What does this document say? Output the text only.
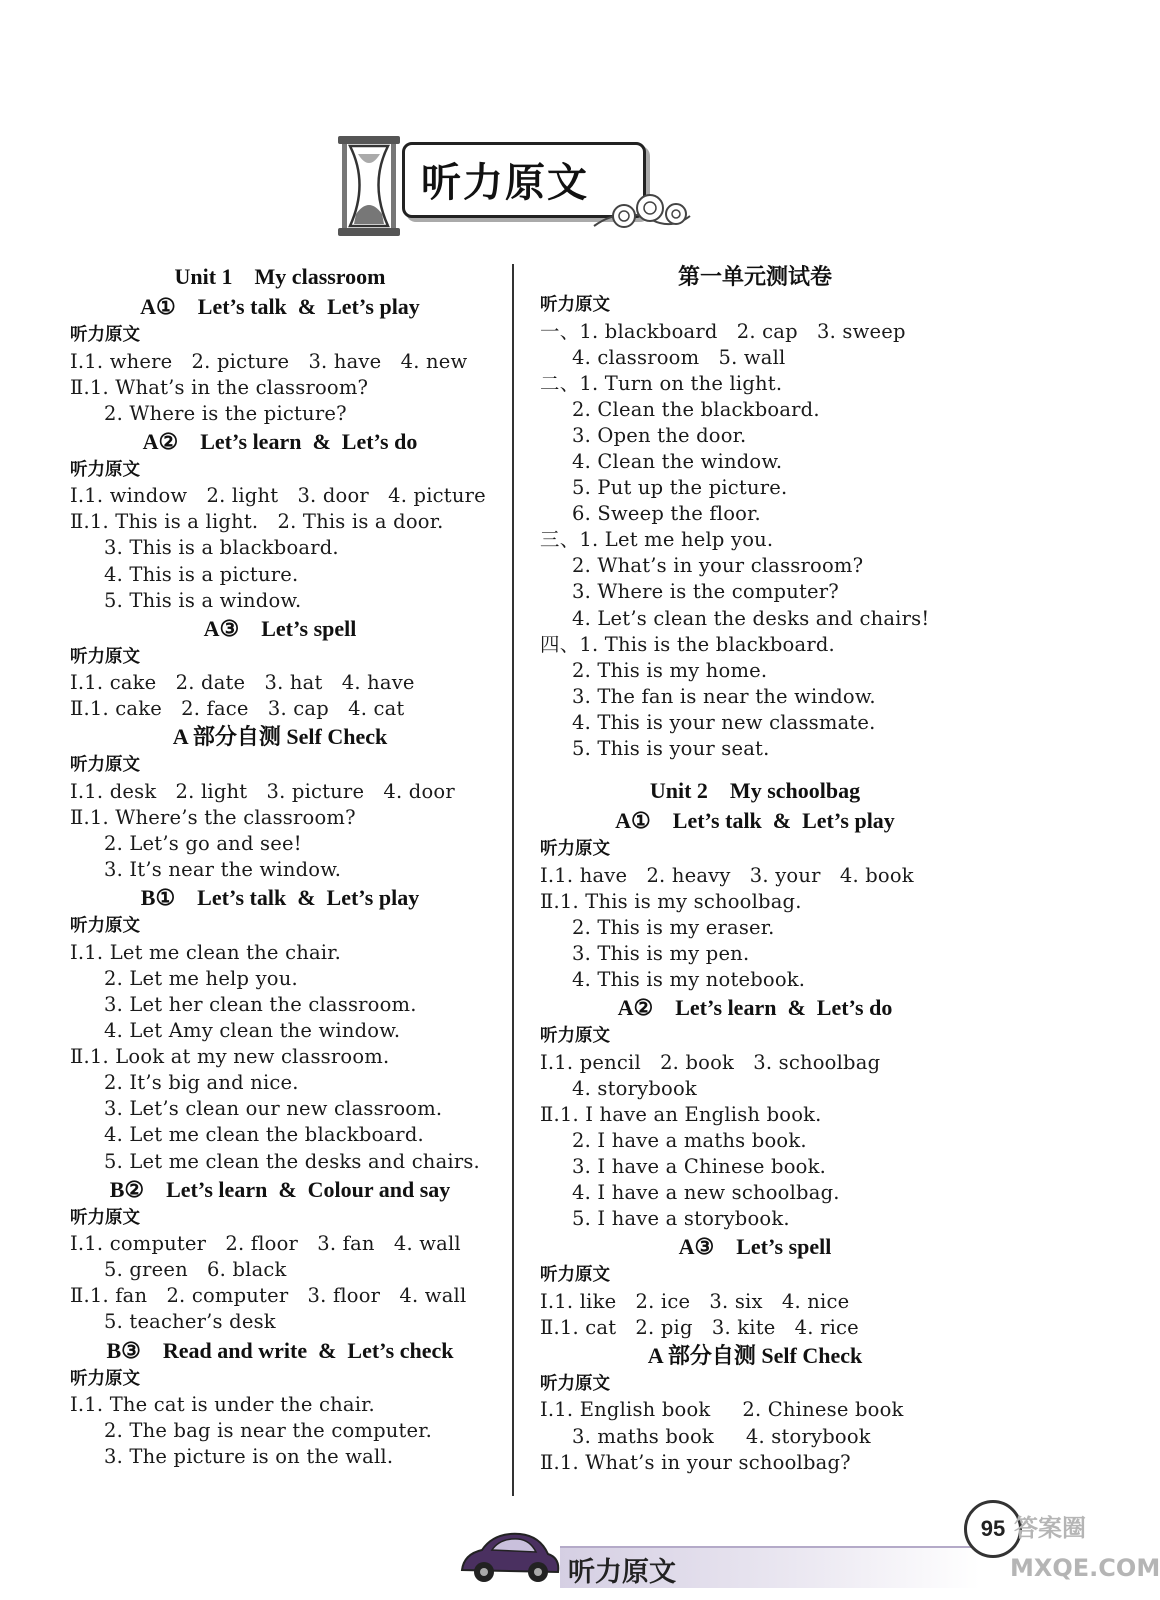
听力原文
Unit 1    My classroom
A①    Let’s talk  &  Let’s play
听力原文
Ⅰ.1. where   2. picture   3. have   4. new
Ⅱ.1. What’s in the classroom?
2. Where is the picture?
A②    Let’s learn  &  Let’s do
听力原文
Ⅰ.1. window   2. light   3. door   4. picture
Ⅱ.1. This is a light.   2. This is a door.
3. This is a blackboard.
4. This is a picture.
5. This is a window.
A③    Let’s spell
听力原文
Ⅰ.1. cake   2. date   3. hat   4. have
Ⅱ.1. cake   2. face   3. cap   4. cat
A 部分自测 Self Check
听力原文
Ⅰ.1. desk   2. light   3. picture   4. door
Ⅱ.1. Where’s the classroom?
2. Let’s go and see!
3. It’s near the window.
B①    Let’s talk  &  Let’s play
听力原文
Ⅰ.1. Let me clean the chair.
2. Let me help you.
3. Let her clean the classroom.
4. Let Amy clean the window.
Ⅱ.1. Look at my new classroom.
2. It’s big and nice.
3. Let’s clean our new classroom.
4. Let me clean the blackboard.
5. Let me clean the desks and chairs.
B②    Let’s learn  &  Colour and say
听力原文
Ⅰ.1. computer   2. floor   3. fan   4. wall
5. green   6. black
Ⅱ.1. fan   2. computer   3. floor   4. wall
5. teacher’s desk
B③    Read and write  &  Let’s check
听力原文
Ⅰ.1. The cat is under the chair.
2. The bag is near the computer.
3. The picture is on the wall.
第一单元测试卷
听力原文
一、1. blackboard   2. cap   3. sweep
4. classroom   5. wall
二、1. Turn on the light.
2. Clean the blackboard.
3. Open the door.
4. Clean the window.
5. Put up the picture.
6. Sweep the floor.
三、1. Let me help you.
2. What’s in your classroom?
3. Where is the computer?
4. Let’s clean the desks and chairs!
四、1. This is the blackboard.
2. This is my home.
3. The fan is near the window.
4. This is your new classmate.
5. This is your seat.
Unit 2    My schoolbag
A①    Let’s talk  &  Let’s play
听力原文
Ⅰ.1. have   2. heavy   3. your   4. book
Ⅱ.1. This is my schoolbag.
2. This is my eraser.
3. This is my pen.
4. This is my notebook.
A②    Let’s learn  &  Let’s do
听力原文
Ⅰ.1. pencil   2. book   3. schoolbag
4. storybook
Ⅱ.1. I have an English book.
2. I have a maths book.
3. I have a Chinese book.
4. I have a new schoolbag.
5. I have a storybook.
A③    Let’s spell
听力原文
Ⅰ.1. like   2. ice   3. six   4. nice
Ⅱ.1. cat   2. pig   3. kite   4. rice
A 部分自测 Self Check
听力原文
Ⅰ.1. English book     2. Chinese book
3. maths book     4. storybook
Ⅱ.1. What’s in your schoolbag?
听力原文
95 答案圈 MXQE.COM
